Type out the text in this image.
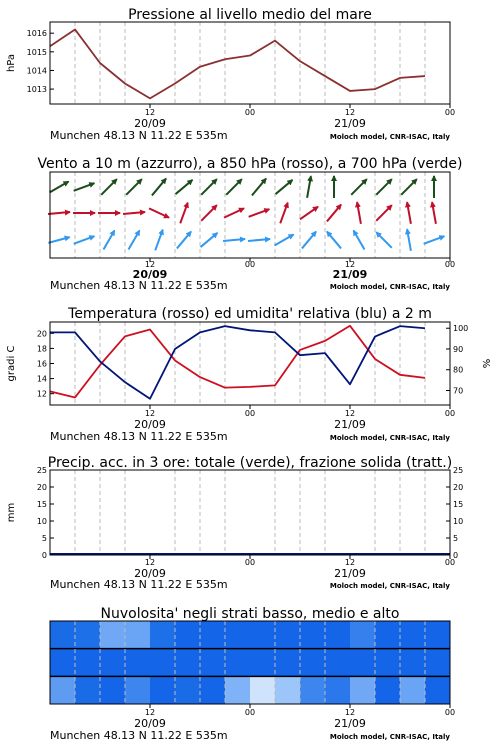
Pressione al livello medio del mare
12	00	12	00
20/09	21/09
Munchen 48.13 N 11.22 E 535m	Moloch model, CNR-ISAC, Italy
1013
1014
1015
1016
hPa
Vento a 10 m (azzurro), a 850 hPa (rosso), a 700 hPa (verde)
12	00	12	00
20/09	21/09
Munchen 48.13 N 11.22 E 535m	Moloch model, CNR-ISAC, Italy
Temperatura (rosso) ed umidita' relativa (blu) a 2 m
12	00	12	00
20/09	21/09
Munchen 48.13 N 11.22 E 535m	Moloch model, CNR-ISAC, Italy
12
14
16
18
20
70
80
90
100
gradi C	%
Precip. acc. in 3 ore: totale (verde), frazione solida (tratt.)
12	00	12	00
20/09	21/09
Munchen 48.13 N 11.22 E 535m	Moloch model, CNR-ISAC, Italy
0
5
10
15
20
25
0
5
10
15
20
25
mm
Nuvolosita' negli strati basso, medio e alto
12	00	12	00
20/09	21/09
Munchen 48.13 N 11.22 E 535m	Moloch model, CNR-ISAC, Italy
